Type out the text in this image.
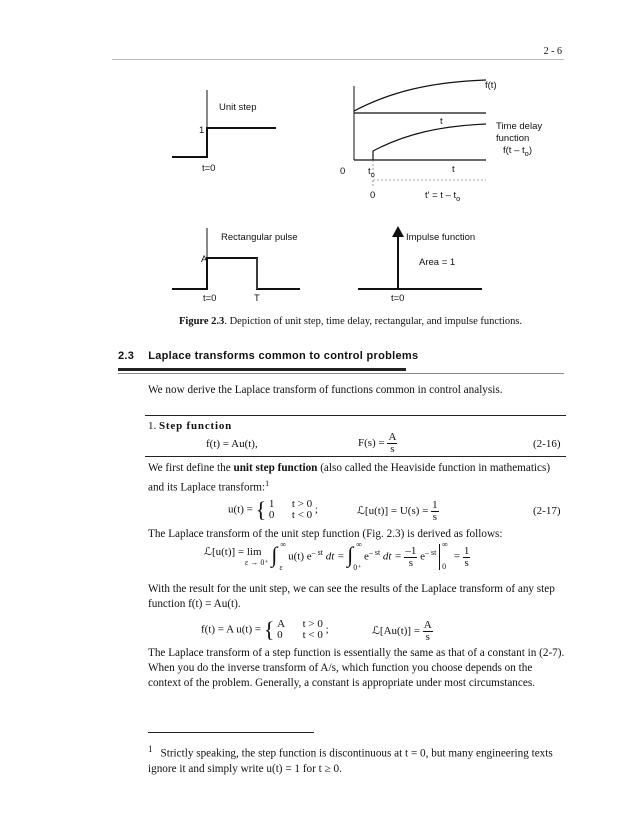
2 - 6
Unit step
1
t=0
f(t)
t	Time delay
function
$f(t - t_o)$
0 $t_o$	t
0	$t' = t - t_o$
Rectangular pulse
A
t=0	T
Impulse function
Area = 1
t=0
Figure 2.3. Depiction of unit step, time delay, rectangular, and impulse functions.
2.3 Laplace transforms common to control problems
We now derive the Laplace transform of functions common in control analysis.
1. Step function
f(t) = Au(t),	$F(s) = \frac{A}{s}$	(2-16)
We first define the unit step function (also called the Heaviside function in mathematics) and its Laplace transform:$^1$
u(t) = { 1
0

t > 0
t < 0 ;	ℒ[u(t)] = $U(s) = \frac{1}{s}$	(2-17)
The Laplace transform of the unit step function (Fig. 2.3) is derived as follows:
ℒ[u(t)] = lim
ε → 0⁺ ∫ ∞
ε
u(t) $e^{- st}$ dt = ∫ ∞
0⁺
$e^{- st}$ dt = $\frac{-1}{s} e^{- st}$
∞
0
= $\frac{1}{s}$
With the result for the unit step, we can see the results of the Laplace transform of any step function f(t) = Au(t).
f(t) = A u(t) = { A
0

t > 0
t < 0 ;	ℒ[Au(t)] = $\frac{A}{s}$
The Laplace transform of a step function is essentially the same as that of a constant in (2-7). When you do the inverse transform of A/s, which function you choose depends on the context of the problem. Generally, a constant is appropriate under most circumstances.
$^1$ Strictly speaking, the step function is discontinuous at t = 0, but many engineering texts ignore it and simply write u(t) = 1 for t ≥ 0.
